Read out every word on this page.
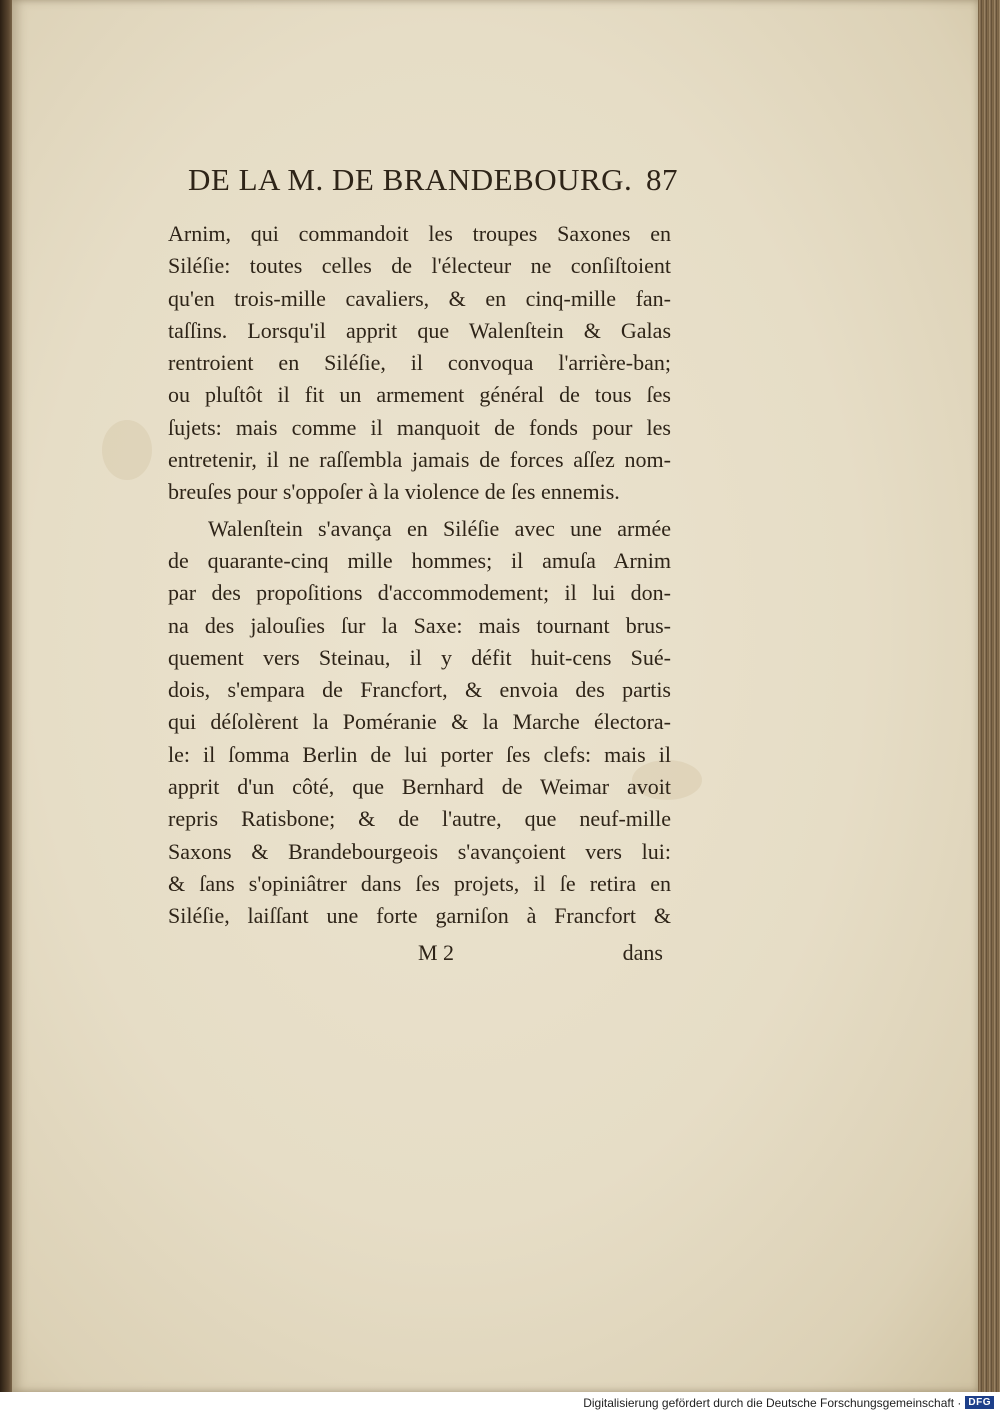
DE LA M. DE BRANDEBOURG. 87
Arnim, qui commandoit les troupes Saxones en
Siléſie: toutes celles de l'électeur ne conſiſtoient
qu'en trois-mille cavaliers, & en cinq-mille fan-
taſſins. Lorsqu'il apprit que Walenſtein & Galas
rentroient en Siléſie, il convoqua l'arrière-ban;
ou pluſtôt il fit un armement général de tous ſes
ſujets: mais comme il manquoit de fonds pour les
entretenir, il ne raſſembla jamais de forces aſſez nom-
breuſes pour s'oppoſer à la violence de ſes ennemis.
Walenſtein s'avança en Siléſie avec une armée
de quarante-cinq mille hommes; il amuſa Arnim
par des propoſitions d'accommodement; il lui don-
na des jalouſies ſur la Saxe: mais tournant brus-
quement vers Steinau, il y défit huit-cens Sué-
dois, s'empara de Francfort, & envoia des partis
qui déſolèrent la Poméranie & la Marche électora-
le: il ſomma Berlin de lui porter ſes clefs: mais il
apprit d'un côté, que Bernhard de Weimar avoit
repris Ratisbone; & de l'autre, que neuf-mille
Saxons & Brandebourgeois s'avançoient vers lui:
& ſans s'opiniâtrer dans ſes projets, il ſe retira en
Siléſie, laiſſant une forte garniſon à Francfort &
M 2	dans
Digitalisierung gefördert durch die Deutsche Forschungsgemeinschaft · DFG
